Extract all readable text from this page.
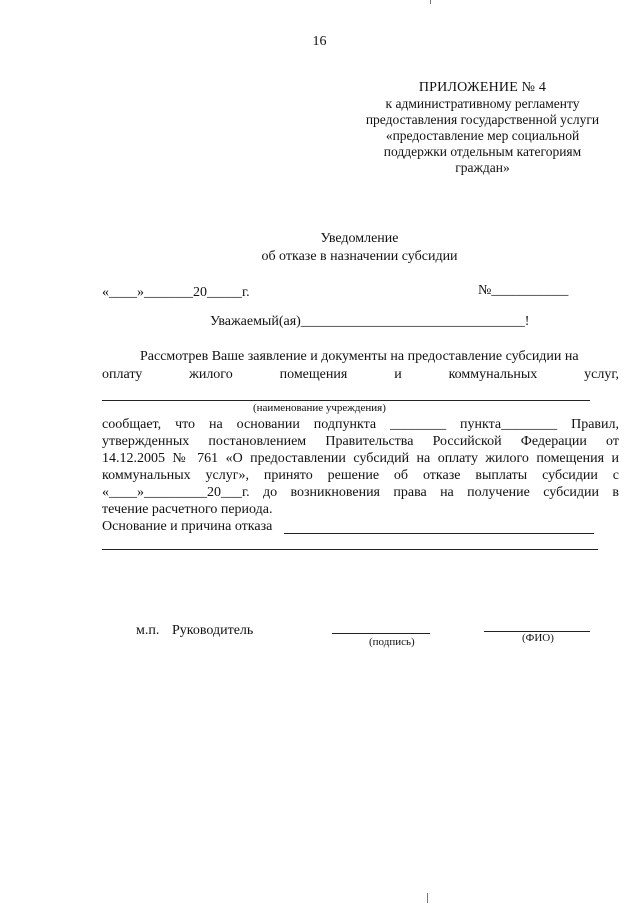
16
ПРИЛОЖЕНИЕ № 4
к административному регламенту
предоставления государственной услуги
«предоставление мер социальной
поддержки отдельным категориям
граждан»
Уведомление
об отказе в назначении субсидии
«____»_______20_____г.	№___________
Уважаемый(ая)________________________________!
Рассмотрев Ваше заявление и документы на предоставление субсидии на
оплату жилого помещения и коммунальных услуг,
(наименование учреждения)
сообщает, что на основании подпункта ________ пункта________ Правил,
утвержденных постановлением Правительства Российской Федерации от
14.12.2005 № 761 «О предоставлении субсидий на оплату жилого помещения и
коммунальных услуг», принято решение об отказе выплаты субсидии с
«____»_________20___г. до возникновения права на получение субсидии в
течение расчетного периода.
Основание и причина отказа
м.п. Руководитель
(подпись)	(ФИО)
